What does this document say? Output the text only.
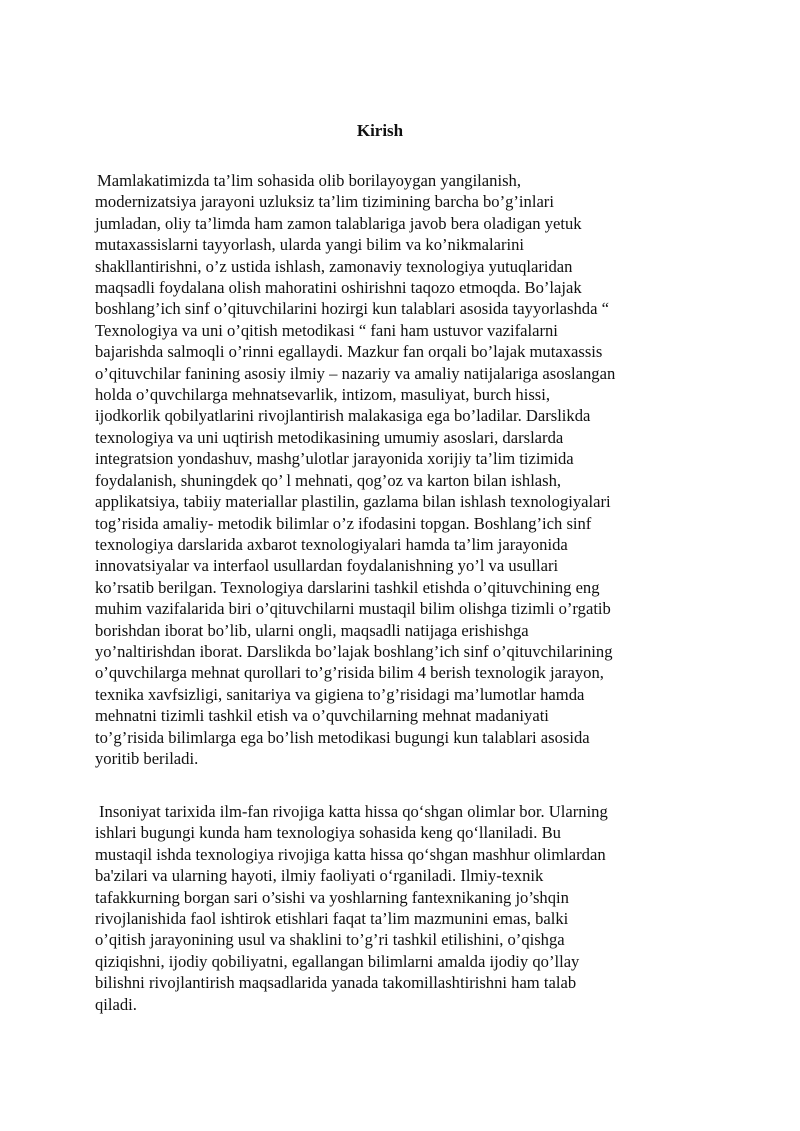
Kirish

Mamlakatimizda ta’lim sohasida olib borilayoygan yangilanish,
modernizatsiya jarayoni uzluksiz ta’lim tizimining barcha bo’g’inlari
jumladan, oliy ta’limda ham zamon talablariga javob bera oladigan yetuk
mutaxassislarni tayyorlash, ularda yangi bilim va ko’nikmalarini
shakllantirishni, o’z ustida ishlash, zamonaviy texnologiya yutuqlaridan
maqsadli foydalana olish mahoratini oshirishni taqozo etmoqda. Bo’lajak
boshlang’ich sinf o’qituvchilarini hozirgi kun talablari asosida tayyorlashda “
Texnologiya va uni o’qitish metodikasi “ fani ham ustuvor vazifalarni
bajarishda salmoqli o’rinni egallaydi. Mazkur fan orqali bo’lajak mutaxassis
o’qituvchilar fanining asosiy ilmiy – nazariy va amaliy natijalariga asoslangan
holda o’quvchilarga mehnatsevarlik, intizom, masuliyat, burch hissi,
ijodkorlik qobilyatlarini rivojlantirish malakasiga ega bo’ladilar. Darslikda
texnologiya va uni uqtirish metodikasining umumiy asoslari, darslarda
integratsion yondashuv, mashg’ulotlar jarayonida xorijiy ta’lim tizimida
foydalanish, shuningdek qo’ l mehnati, qog’oz va karton bilan ishlash,
applikatsiya, tabiiy materiallar plastilin, gazlama bilan ishlash texnologiyalari
tog’risida amaliy- metodik bilimlar o’z ifodasini topgan. Boshlang’ich sinf
texnologiya darslarida axbarot texnologiyalari hamda ta’lim jarayonida
innovatsiyalar va interfaol usullardan foydalanishning yo’l va usullari
ko’rsatib berilgan. Texnologiya darslarini tashkil etishda o’qituvchining eng
muhim vazifalarida biri o’qituvchilarni mustaqil bilim olishga tizimli o’rgatib
borishdan iborat bo’lib, ularni ongli, maqsadli natijaga erishishga
yo’naltirishdan iborat. Darslikda bo’lajak boshlang’ich sinf o’qituvchilarining
o’quvchilarga mehnat qurollari to’g’risida bilim 4 berish texnologik jarayon,
texnika xavfsizligi, sanitariya va gigiena to’g’risidagi ma’lumotlar hamda
mehnatni tizimli tashkil etish va o’quvchilarning mehnat madaniyati
to’g’risida bilimlarga ega bo’lish metodikasi bugungi kun talablari asosida
yoritib beriladi.

Insoniyat tarixida ilm-fan rivojiga katta hissa qo‘shgan olimlar bor. Ularning
ishlari bugungi kunda ham texnologiya sohasida keng qo‘llaniladi. Bu
mustaqil ishda texnologiya rivojiga katta hissa qo‘shgan mashhur olimlardan
ba'zilari va ularning hayoti, ilmiy faoliyati o‘rganiladi. Ilmiy-texnik
tafakkurning borgan sari o’sishi va yoshlarning fantexnikaning jo’shqin
rivojlanishida faol ishtirok etishlari faqat ta’lim mazmunini emas, balki
o’qitish jarayonining usul va shaklini to’g’ri tashkil etilishini, o’qishga
qiziqishni, ijodiy qobiliyatni, egallangan bilimlarni amalda ijodiy qo’llay
bilishni rivojlantirish maqsadlarida yanada takomillashtirishni ham talab
qiladi.
